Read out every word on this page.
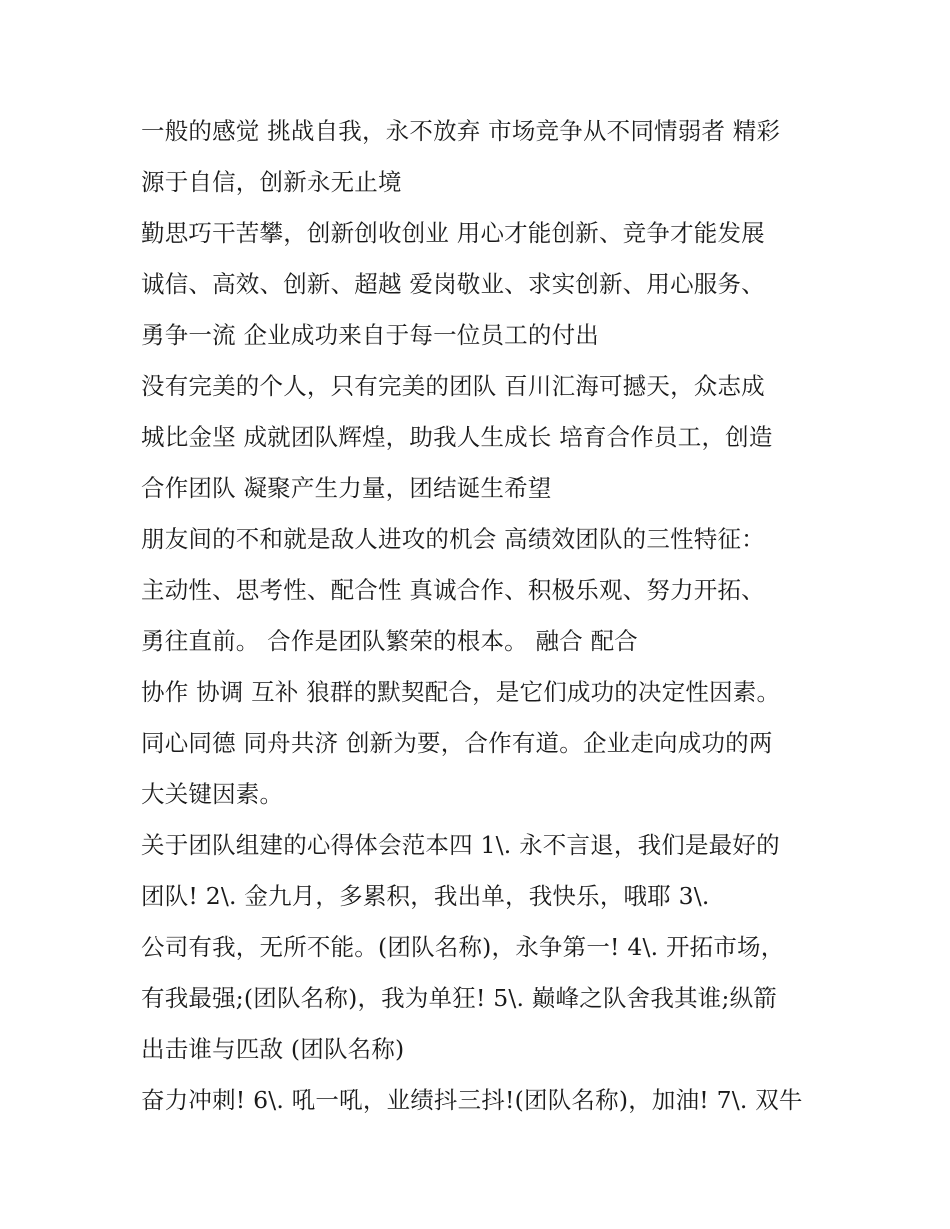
一般的感觉 挑战自我，永不放弃 市场竞争从不同情弱者 精彩
源于自信，创新永无止境
勤思巧干苦攀，创新创收创业 用心才能创新、竞争才能发展
诚信、高效、创新、超越 爱岗敬业、求实创新、用心服务、
勇争一流 企业成功来自于每一位员工的付出
没有完美的个人，只有完美的团队 百川汇海可撼天，众志成
城比金坚 成就团队辉煌，助我人生成长 培育合作员工，创造
合作团队 凝聚产生力量，团结诞生希望
朋友间的不和就是敌人进攻的机会 高绩效团队的三性特征：
主动性、思考性、配合性 真诚合作、积极乐观、努力开拓、
勇往直前。 合作是团队繁荣的根本。 融合 配合
协作 协调 互补 狼群的默契配合，是它们成功的决定性因素。
同心同德 同舟共济 创新为要，合作有道。企业走向成功的两
大关键因素。
关于团队组建的心得体会范本四 1\. 永不言退，我们是最好的
团队! 2\. 金九月，多累积，我出单，我快乐，哦耶 3\.
公司有我，无所不能。(团队名称)，永争第一! 4\. 开拓市场，
有我最强;(团队名称)，我为单狂! 5\. 巅峰之队舍我其谁;纵箭
出击谁与匹敌 (团队名称)
奋力冲刺! 6\. 吼一吼，业绩抖三抖!(团队名称)，加油! 7\. 双牛
